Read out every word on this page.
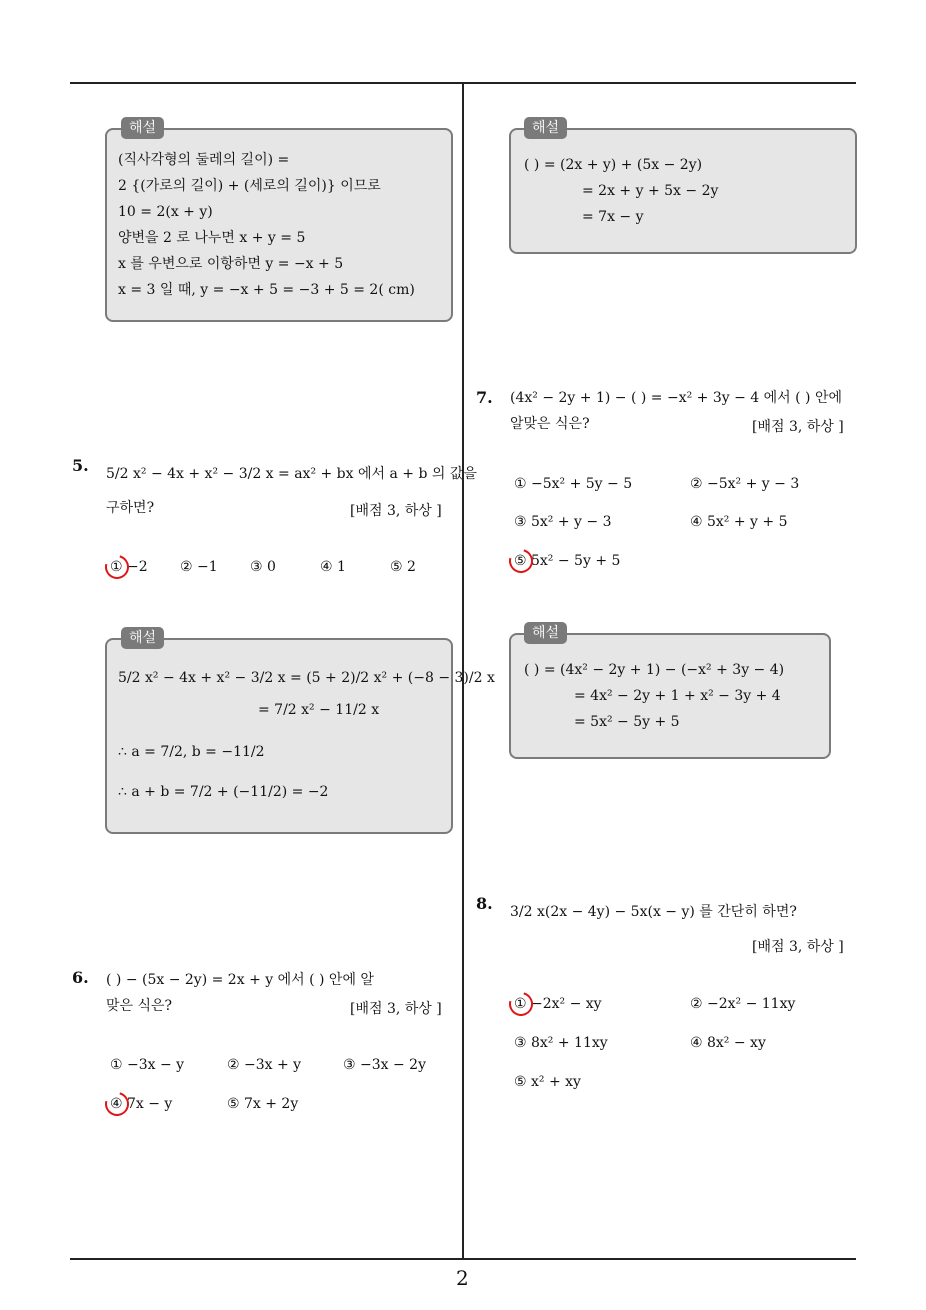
해설
(직사각형의 둘레의 길이) =
2 {(가로의 길이) + (세로의 길이)} 이므로
10 = 2(x + y)
양변을 2 로 나누면 x + y = 5
x 를 우변으로 이항하면 y = −x + 5
x = 3 일 때, y = −x + 5 = −3 + 5 = 2( cm)
5. 5/2 x² − 4x + x² − 3/2 x = ax² + bx 에서 a + b 의 값을
구하면?	[배점 3, 하상 ]
① −2 ② −1 ③ 0	④ 1	⑤ 2
해설
5/2 x² − 4x + x² − 3/2 x = (5 + 2)/2 x² + (−8 − 3)/2 x
= 7/2 x² − 11/2 x
∴ a = 7/2, b = −11/2
∴ a + b = 7/2 + (−11/2) = −2
6. ( ) − (5x − 2y) = 2x + y 에서 ( ) 안에 알
맞은 식은?	[배점 3, 하상 ]
① −3x − y	② −3x + y	③ −3x − 2y
④ 7x − y	⑤ 7x + 2y
해설
( ) = (2x + y) + (5x − 2y)
= 2x + y + 5x − 2y
= 7x − y
7. (4x² − 2y + 1) − ( ) = −x² + 3y − 4 에서 ( ) 안에
알맞은 식은?	[배점 3, 하상 ]
① −5x² + 5y − 5	② −5x² + y − 3
③ 5x² + y − 3	④ 5x² + y + 5
⑤ 5x² − 5y + 5
해설
( ) = (4x² − 2y + 1) − (−x² + 3y − 4)
= 4x² − 2y + 1 + x² − 3y + 4
= 5x² − 5y + 5
8. 3/2 x(2x − 4y) − 5x(x − y) 를 간단히 하면?
[배점 3, 하상 ]
① −2x² − xy	② −2x² − 11xy
③ 8x² + 11xy	④ 8x² − xy
⑤ x² + xy
2
